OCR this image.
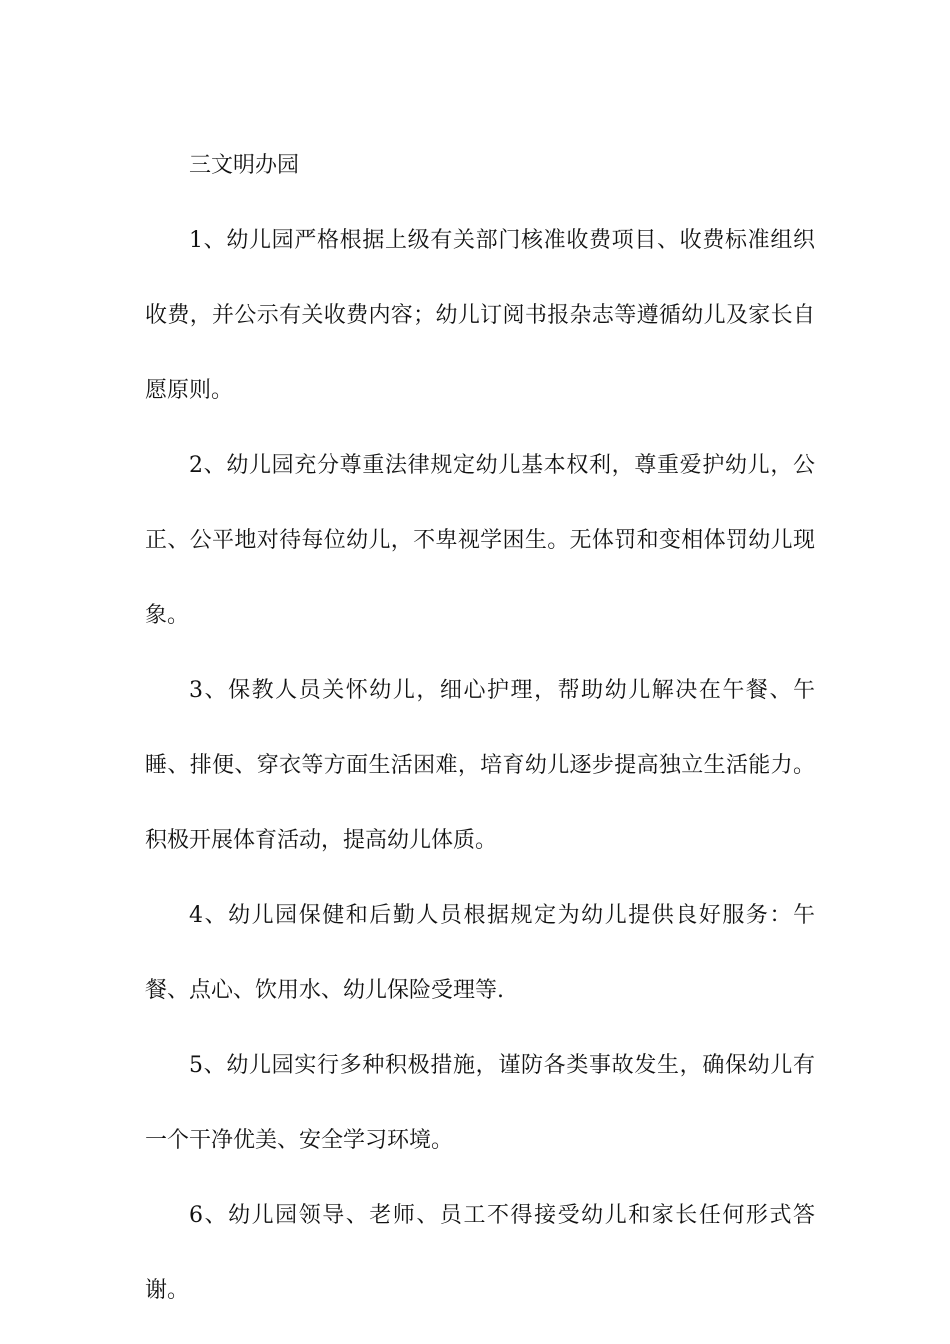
三文明办园

1、幼儿园严格根据上级有关部门核准收费项目、收费标准组织收费，并公示有关收费内容；幼儿订阅书报杂志等遵循幼儿及家长自愿原则。

2、幼儿园充分尊重法律规定幼儿基本权利，尊重爱护幼儿，公正、公平地对待每位幼儿，不卑视学困生。无体罚和变相体罚幼儿现象。

3、保教人员关怀幼儿，细心护理，帮助幼儿解决在午餐、午睡、排便、穿衣等方面生活困难，培育幼儿逐步提高独立生活能力。积极开展体育活动，提高幼儿体质。

4、幼儿园保健和后勤人员根据规定为幼儿提供良好服务：午餐、点心、饮用水、幼儿保险受理等.

5、幼儿园实行多种积极措施，谨防各类事故发生，确保幼儿有一个干净优美、安全学习环境。

6、幼儿园领导、老师、员工不得接受幼儿和家长任何形式答谢。
